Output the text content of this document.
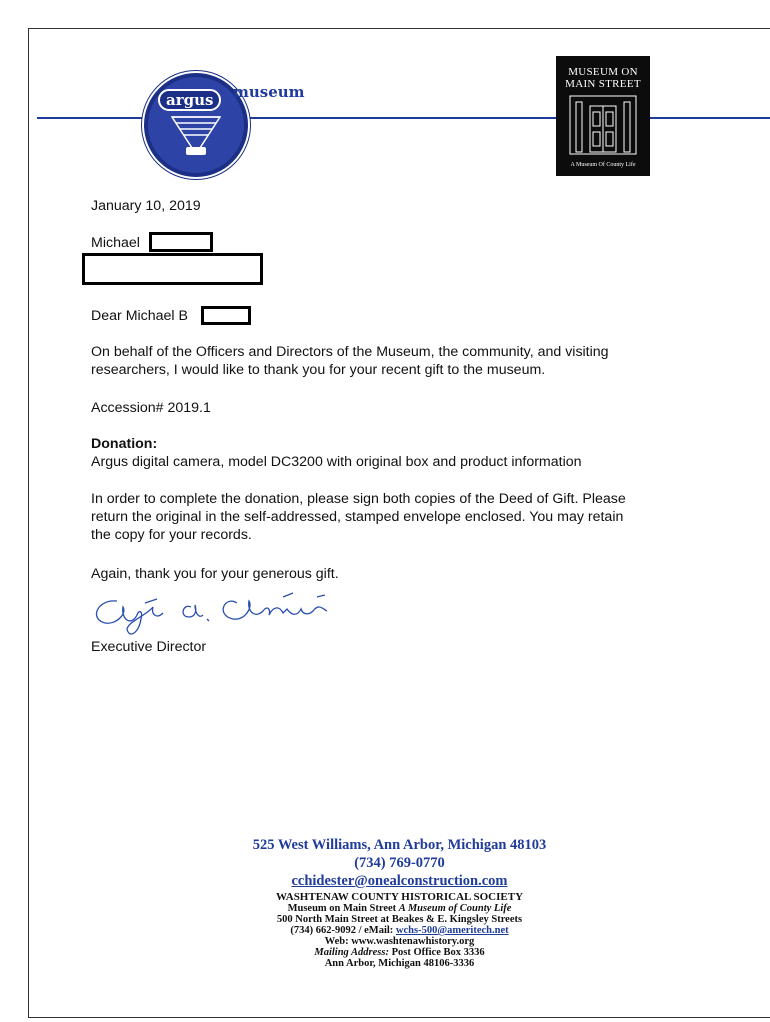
argus	museum
MUSEUM ON
MAIN STREET
A Museum Of County Life
January 10, 2019
Michael
Dear Michael B
On behalf of the Officers and Directors of the Museum, the community, and visiting
researchers, I would like to thank you for your recent gift to the museum.
Accession# 2019.1
Donation:
Argus digital camera, model DC3200 with original box and product information
In order to complete the donation, please sign both copies of the Deed of Gift. Please
return the original in the self-addressed, stamped envelope enclosed. You may retain
the copy for your records.
Again, thank you for your generous gift.
Executive Director
525 West Williams, Ann Arbor, Michigan 48103
(734) 769-0770
cchidester@onealconstruction.com
WASHTENAW COUNTY HISTORICAL SOCIETY
Museum on Main Street A Museum of County Life
500 North Main Street at Beakes & E. Kingsley Streets
(734) 662-9092 / eMail: wchs-500@ameritech.net
Web: www.washtenawhistory.org
Mailing Address: Post Office Box 3336
Ann Arbor, Michigan 48106-3336
